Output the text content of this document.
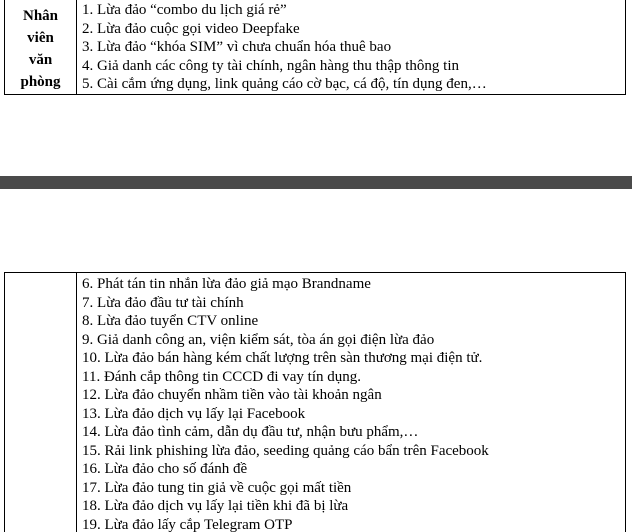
Nhân
viên
văn
phòng

1. Lừa đảo “combo du lịch giá rẻ”
2. Lừa đảo cuộc gọi video Deepfake
3. Lừa đảo “khóa SIM” vì chưa chuẩn hóa thuê bao
4. Giả danh các công ty tài chính, ngân hàng thu thập thông tin
5. Cài cắm ứng dụng, link quảng cáo cờ bạc, cá độ, tín dụng đen,…

6. Phát tán tin nhắn lừa đảo giả mạo Brandname
7. Lừa đảo đầu tư tài chính
8. Lừa đảo tuyển CTV online
9. Giả danh công an, viện kiểm sát, tòa án gọi điện lừa đảo
10. Lừa đảo bán hàng kém chất lượng trên sàn thương mại điện tử.
11. Đánh cắp thông tin CCCD đi vay tín dụng.
12. Lừa đảo chuyển nhầm tiền vào tài khoản ngân
13. Lừa đảo dịch vụ lấy lại Facebook
14. Lừa đảo tình cảm, dẫn dụ đầu tư, nhận bưu phẩm,…
15. Rải link phishing lừa đảo, seeding quảng cáo bẩn trên Facebook
16. Lừa đảo cho số đánh đề
17. Lừa đảo tung tin giả về cuộc gọi mất tiền
18. Lừa đảo dịch vụ lấy lại tiền khi đã bị lừa
19. Lừa đảo lấy cắp Telegram OTP
